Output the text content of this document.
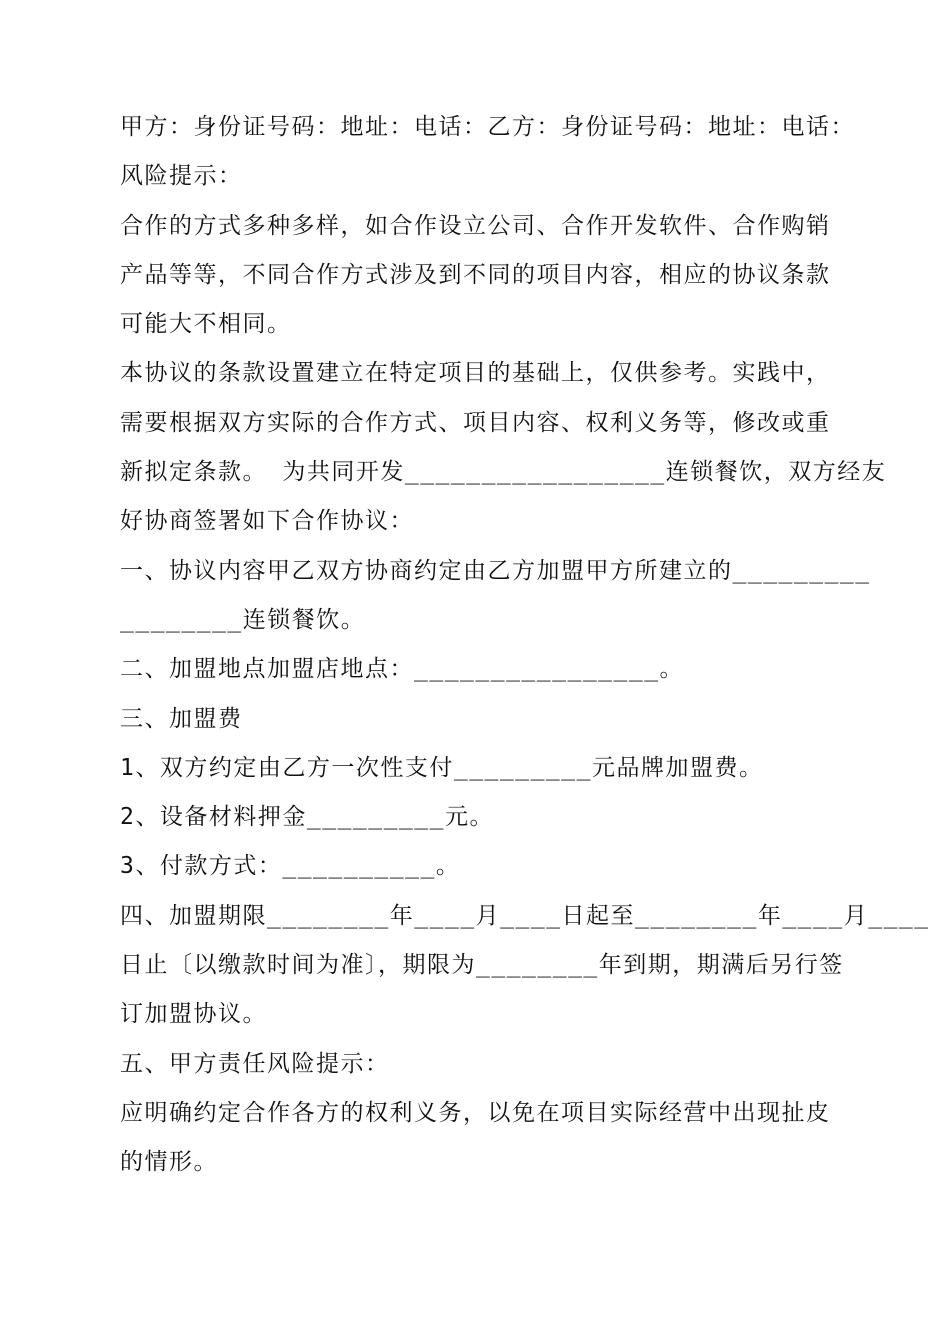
甲方：身份证号码：地址：电话：乙方：身份证号码：地址：电话：
风险提示：
合作的方式多种多样，如合作设立公司、合作开发软件、合作购销
产品等等，不同合作方式涉及到不同的项目内容，相应的协议条款
可能大不相同。
本协议的条款设置建立在特定项目的基础上，仅供参考。实践中，
需要根据双方实际的合作方式、项目内容、权利义务等，修改或重
新拟定条款。 为共同开发_________________连锁餐饮，双方经友
好协商签署如下合作协议：
一、协议内容甲乙双方协商约定由乙方加盟甲方所建立的_________
________连锁餐饮。
二、加盟地点加盟店地点：________________。
三、加盟费
1、双方约定由乙方一次性支付_________元品牌加盟费。
2、设备材料押金_________元。
3、付款方式：__________。
四、加盟期限________年____月____日起至________年____月____
日止〔以缴款时间为准〕，期限为________年到期，期满后另行签
订加盟协议。
五、甲方责任风险提示：
应明确约定合作各方的权利义务，以免在项目实际经营中出现扯皮
的情形。
